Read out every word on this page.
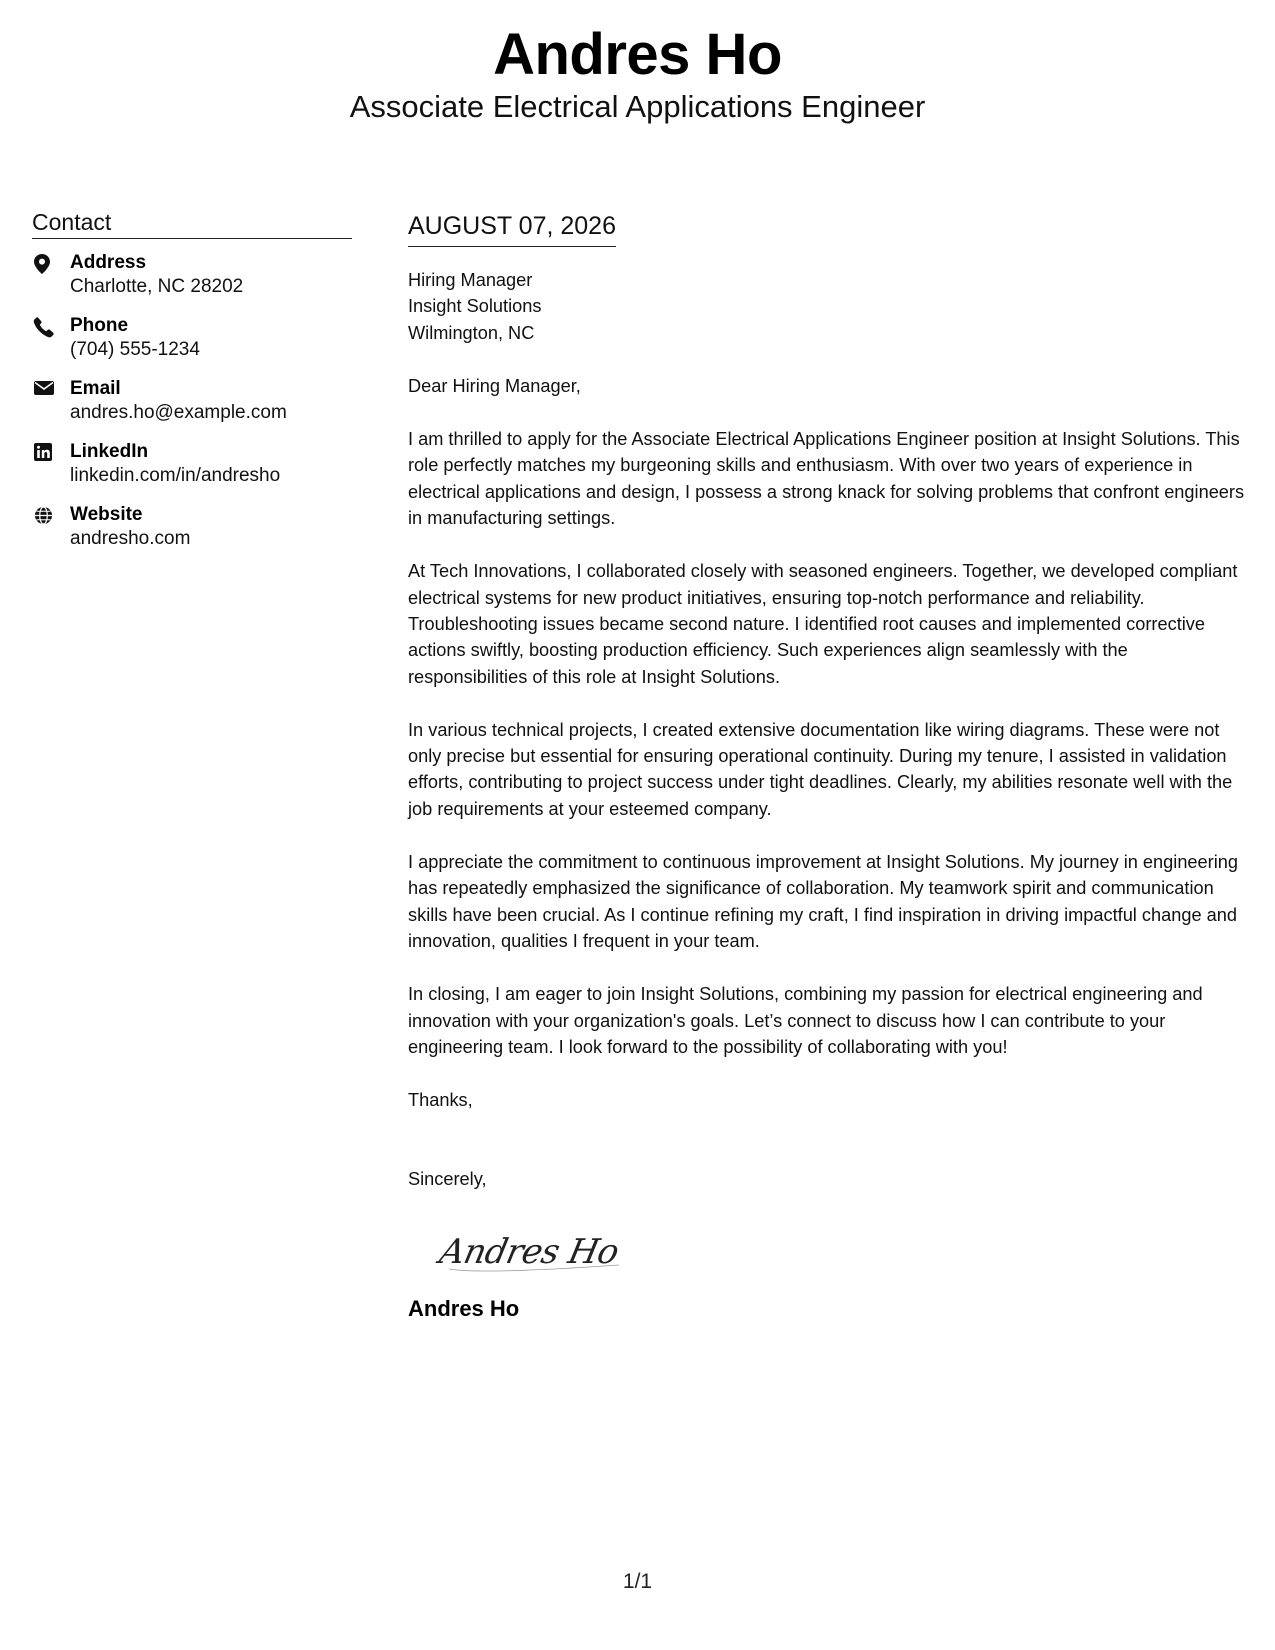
Andres Ho
Associate Electrical Applications Engineer
Contact
Address
Charlotte, NC 28202
Phone
(704) 555-1234
Email
andres.ho@example.com
LinkedIn
linkedin.com/in/andresho
Website
andresho.com
AUGUST 07, 2026
Hiring Manager
Insight Solutions
Wilmington, NC
Dear Hiring Manager,

I am thrilled to apply for the Associate Electrical Applications Engineer position at Insight Solutions. This role perfectly matches my burgeoning skills and enthusiasm. With over two years of experience in electrical applications and design, I possess a strong knack for solving problems that confront engineers in manufacturing settings.

At Tech Innovations, I collaborated closely with seasoned engineers. Together, we developed compliant electrical systems for new product initiatives, ensuring top-notch performance and reliability. Troubleshooting issues became second nature. I identified root causes and implemented corrective actions swiftly, boosting production efficiency. Such experiences align seamlessly with the responsibilities of this role at Insight Solutions.

In various technical projects, I created extensive documentation like wiring diagrams. These were not only precise but essential for ensuring operational continuity. During my tenure, I assisted in validation efforts, contributing to project success under tight deadlines. Clearly, my abilities resonate well with the job requirements at your esteemed company.

I appreciate the commitment to continuous improvement at Insight Solutions. My journey in engineering has repeatedly emphasized the significance of collaboration. My teamwork spirit and communication skills have been crucial. As I continue refining my craft, I find inspiration in driving impactful change and innovation, qualities I frequent in your team.

In closing, I am eager to join Insight Solutions, combining my passion for electrical engineering and innovation with your organization's goals. Let’s connect to discuss how I can contribute to your engineering team. I look forward to the possibility of collaborating with you!

Thanks,
Sincerely,
Andres Ho
Andres Ho
1/1
